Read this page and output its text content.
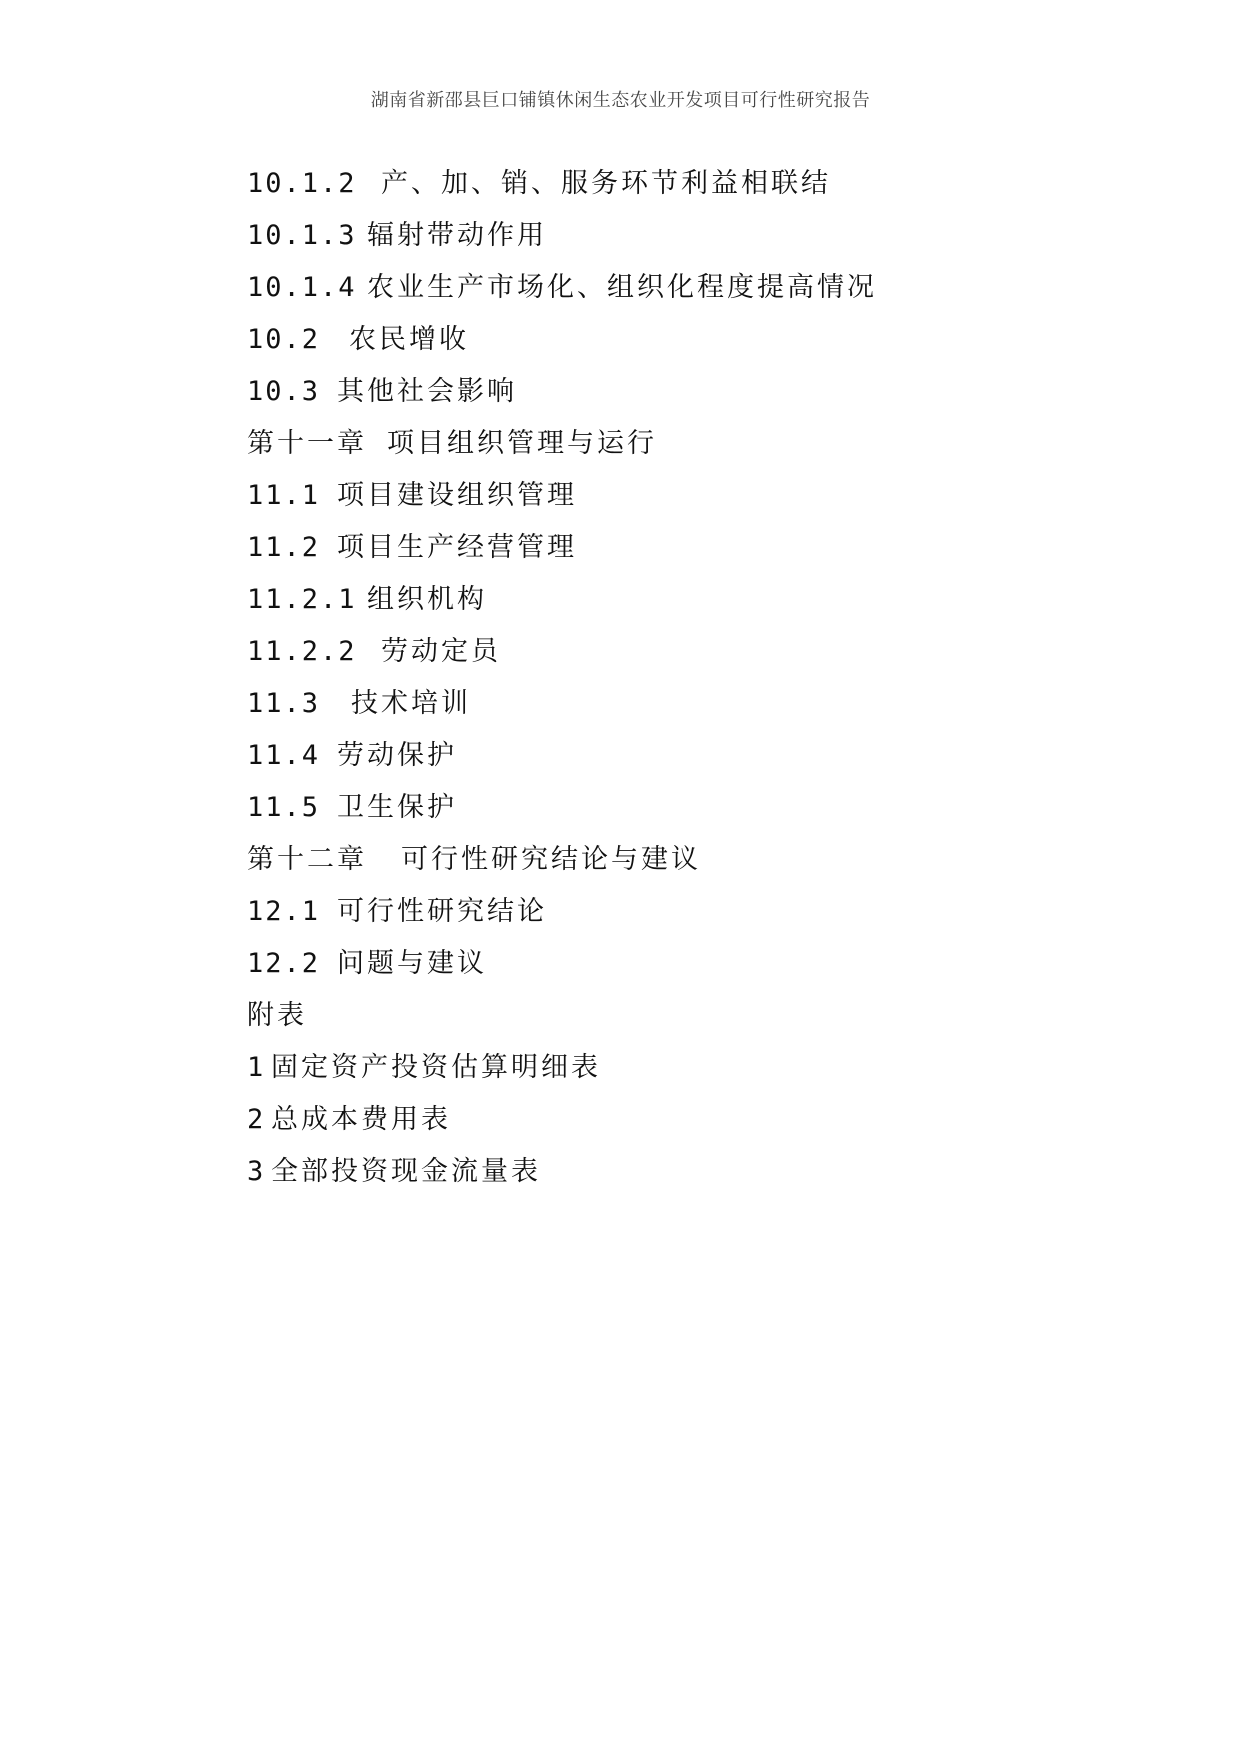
湖南省新邵县巨口铺镇休闲生态农业开发项目可行性研究报告
10.1.2 产、加、销、服务环节利益相联结
10.1.3 辐射带动作用
10.1.4 农业生产市场化、组织化程度提高情况
10.2 农民增收
10.3 其他社会影响
第十一章 项目组织管理与运行
11.1 项目建设组织管理
11.2 项目生产经营管理
11.2.1 组织机构
11.2.2 劳动定员
11.3 技术培训
11.4 劳动保护
11.5 卫生保护
第十二章 可行性研究结论与建议
12.1 可行性研究结论
12.2 问题与建议
附表
1 固定资产投资估算明细表
2 总成本费用表
3 全部投资现金流量表
